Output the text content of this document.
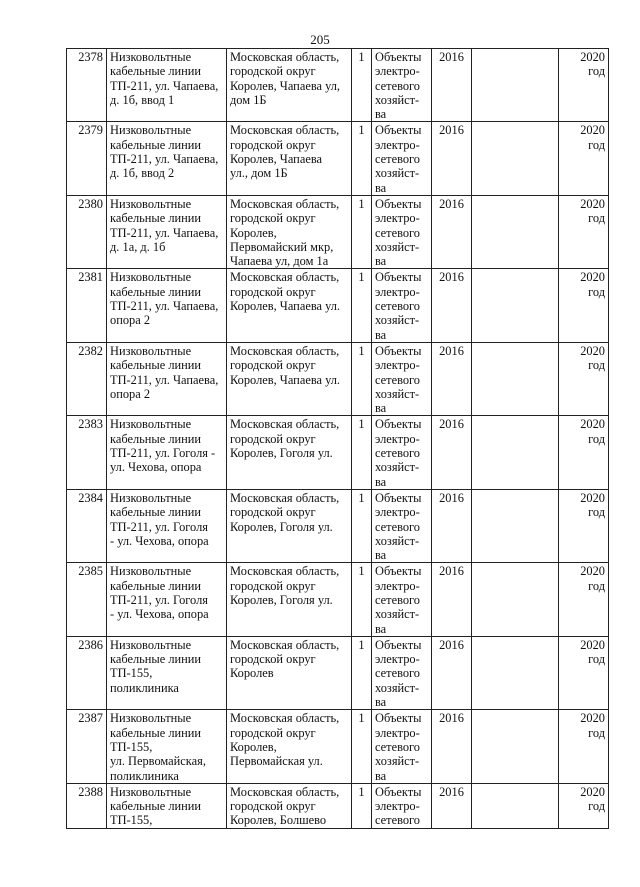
205
2378	Низковольтные
кабельные линии
ТП-211, ул. Чапаева,
д. 1б, ввод 1	Московская область,
городской округ
Королев, Чапаева ул,
дом 1Б	1	Объекты
электро-
сетевого
хозяйст-
ва	2016		2020
год

2379	Низковольтные
кабельные линии
ТП-211, ул. Чапаева,
д. 1б, ввод 2	Московская область,
городской округ
Королев, Чапаева
ул., дом 1Б	1	Объекты
электро-
сетевого
хозяйст-
ва	2016		2020
год

2380	Низковольтные
кабельные линии
ТП-211, ул. Чапаева,
д. 1а, д. 1б	Московская область,
городской округ
Королев,
Первомайский мкр,
Чапаева ул, дом 1а	1	Объекты
электро-
сетевого
хозяйст-
ва	2016		2020
год

2381	Низковольтные
кабельные линии
ТП-211, ул. Чапаева,
опора 2	Московская область,
городской округ
Королев, Чапаева ул.	1	Объекты
электро-
сетевого
хозяйст-
ва	2016		2020
год

2382	Низковольтные
кабельные линии
ТП-211, ул. Чапаева,
опора 2	Московская область,
городской округ
Королев, Чапаева ул.	1	Объекты
электро-
сетевого
хозяйст-
ва	2016		2020
год

2383	Низковольтные
кабельные линии
ТП-211, ул. Гоголя -
ул. Чехова, опора	Московская область,
городской округ
Королев, Гоголя ул.	1	Объекты
электро-
сетевого
хозяйст-
ва	2016		2020
год

2384	Низковольтные
кабельные линии
ТП-211, ул. Гоголя
- ул. Чехова, опора	Московская область,
городской округ
Королев, Гоголя ул.	1	Объекты
электро-
сетевого
хозяйст-
ва	2016		2020
год

2385	Низковольтные
кабельные линии
ТП-211, ул. Гоголя
- ул. Чехова, опора	Московская область,
городской округ
Королев, Гоголя ул.	1	Объекты
электро-
сетевого
хозяйст-
ва	2016		2020
год

2386	Низковольтные
кабельные линии
ТП-155,
поликлиника	Московская область,
городской округ
Королев	1	Объекты
электро-
сетевого
хозяйст-
ва	2016		2020
год

2387	Низковольтные
кабельные линии
ТП-155,
ул. Первомайская,
поликлиника	Московская область,
городской округ
Королев,
Первомайская ул.	1	Объекты
электро-
сетевого
хозяйст-
ва	2016		2020
год

2388	Низковольтные
кабельные линии
ТП-155,	Московская область,
городской округ
Королев, Болшево	1	Объекты
электро-
сетевого	2016		2020
год
